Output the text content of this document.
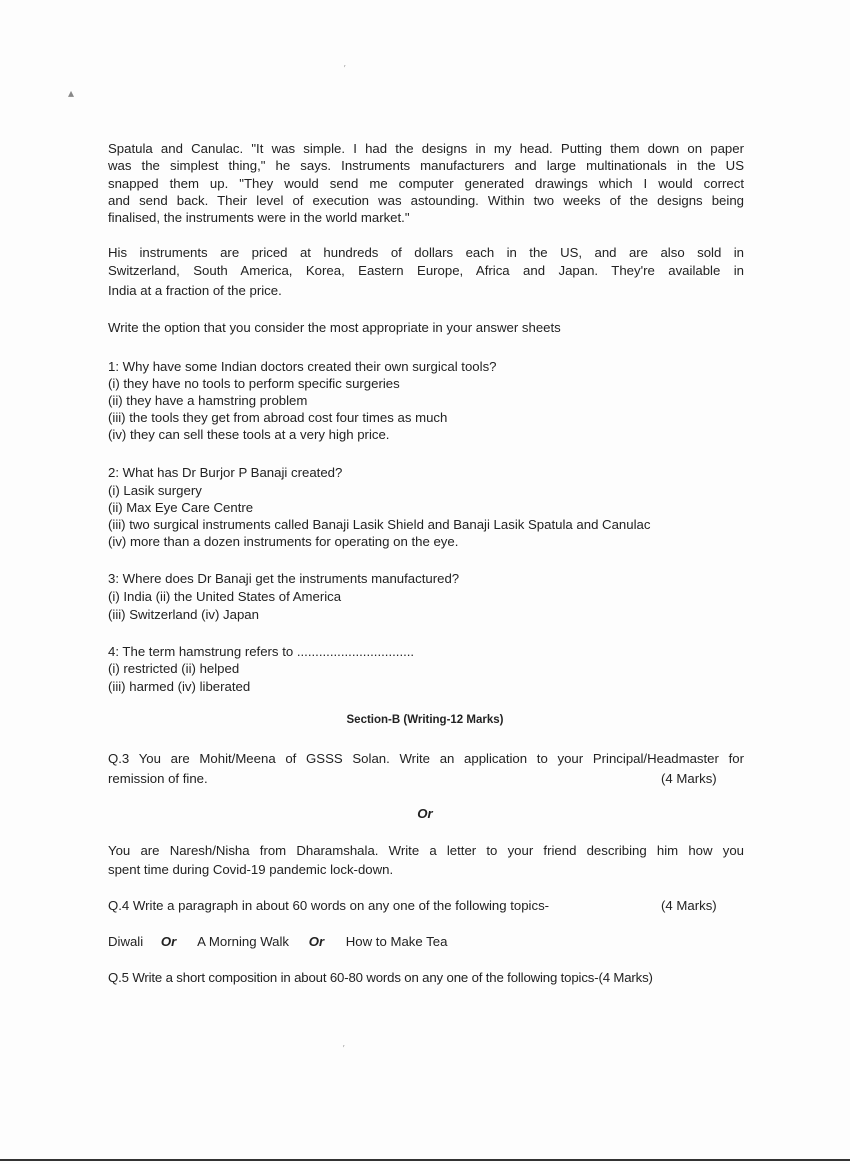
′
▴
Spatula and Canulac. "It was simple. I had the designs in my head. Putting them down on paper
was the simplest thing," he says. Instruments manufacturers and large multinationals in the US
snapped them up. "They would send me computer generated drawings which I would correct
and send back. Their level of execution was astounding. Within two weeks of the designs being
finalised, the instruments were in the world market."
His instruments are priced at hundreds of dollars each in the US, and are also sold in
Switzerland, South America, Korea, Eastern Europe, Africa and Japan. They're available in
India at a fraction of the price.
Write the option that you consider the most appropriate in your answer sheets
1: Why have some Indian doctors created their own surgical tools?
(i) they have no tools to perform specific surgeries
(ii) they have a hamstring problem
(iii) the tools they get from abroad cost four times as much
(iv) they can sell these tools at a very high price.
2: What has Dr Burjor P Banaji created?
(i) Lasik surgery
(ii) Max Eye Care Centre
(iii) two surgical instruments called Banaji Lasik Shield and Banaji Lasik Spatula and Canulac
(iv) more than a dozen instruments for operating on the eye.
3: Where does Dr Banaji get the instruments manufactured?
(i) India (ii) the United States of America
(iii) Switzerland (iv) Japan
4: The term hamstrung refers to ................................
(i) restricted (ii) helped
(iii) harmed (iv) liberated
Section-B (Writing-12 Marks)
Q.3 You are Mohit/Meena of GSSS Solan. Write an application to your Principal/Headmaster for
remission of fine.	(4 Marks)
Or
You are Naresh/Nisha from Dharamshala. Write a letter to your friend describing him how you
spent time during Covid-19 pandemic lock-down.
Q.4 Write a paragraph in about 60 words on any one of the following topics-	(4 Marks)
Diwali Or A Morning Walk Or How to Make Tea
Q.5 Write a short composition in about 60-80 words on any one of the following topics-(4 Marks)
′
